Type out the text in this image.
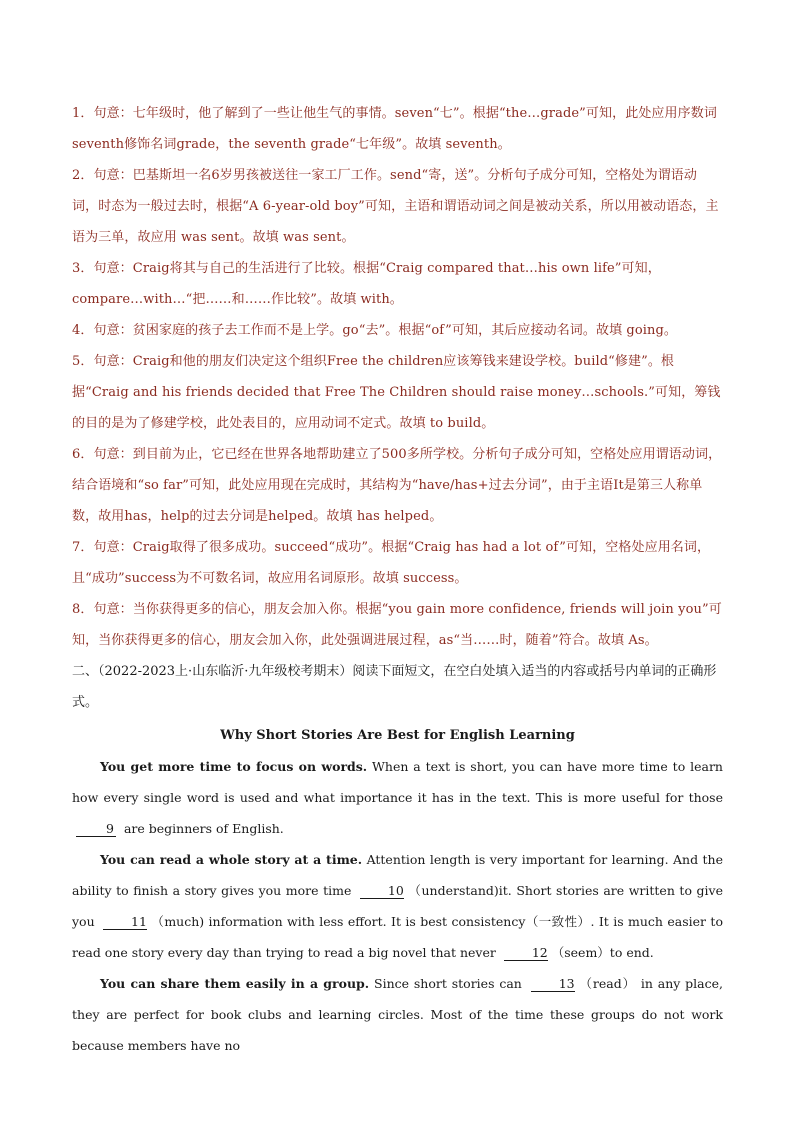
1．句意：七年级时，他了解到了一些让他生气的事情。seven“七”。根据“the…grade”可知，此处应用序数词seventh修饰名词grade，the seventh grade“七年级”。故填 seventh。

2．句意：巴基斯坦一名6岁男孩被送往一家工厂工作。send“寄，送”。分析句子成分可知，空格处为谓语动词，时态为一般过去时，根据“A 6-year-old boy”可知，主语和谓语动词之间是被动关系，所以用被动语态，主语为三单，故应用 was sent。故填 was sent。

3．句意：Craig将其与自己的生活进行了比较。根据“Craig compared that…his own life”可知，compare…with…“把……和……作比较”。故填 with。

4．句意：贫困家庭的孩子去工作而不是上学。go“去”。根据“of”可知，其后应接动名词。故填 going。

5．句意：Craig和他的朋友们决定这个组织Free the children应该筹钱来建设学校。build“修建”。根据“Craig and his friends decided that Free The Children should raise money…schools.”可知，筹钱的目的是为了修建学校，此处表目的，应用动词不定式。故填 to build。

6．句意：到目前为止，它已经在世界各地帮助建立了500多所学校。分析句子成分可知，空格处应用谓语动词，结合语境和“so far”可知，此处应用现在完成时，其结构为“have/has+过去分词”，由于主语It是第三人称单数，故用has，help的过去分词是helped。故填 has helped。

7．句意：Craig取得了很多成功。succeed“成功”。根据“Craig has had a lot of”可知，空格处应用名词，且“成功”success为不可数名词，故应用名词原形。故填 success。

8．句意：当你获得更多的信心，朋友会加入你。根据“you gain more confidence, friends will join you”可知，当你获得更多的信心，朋友会加入你，此处强调进展过程，as“当……时，随着”符合。故填 As。

二、（2022-2023上·山东临沂·九年级校考期末）阅读下面短文，在空白处填入适当的内容或括号内单词的正确形式。

Why Short Stories Are Best for English Learning

You get more time to focus on words. When a text is short, you can have more time to learn how every single word is used and what importance it has in the text. This is more useful for those 9 are beginners of English.

You can read a whole story at a time. Attention length is very important for learning. And the ability to finish a story gives you more time	10 （understand)it. Short stories are written to give you	11 （much) information with less effort. It is best consistency（一致性）. It is much easier to read one story every day than trying to read a big novel that never	12 （seem）to end.

You can share them easily in a group. Since short stories can	13 （read） in any place, they are perfect for book clubs and learning circles. Most of the time these groups do not work because members have no
